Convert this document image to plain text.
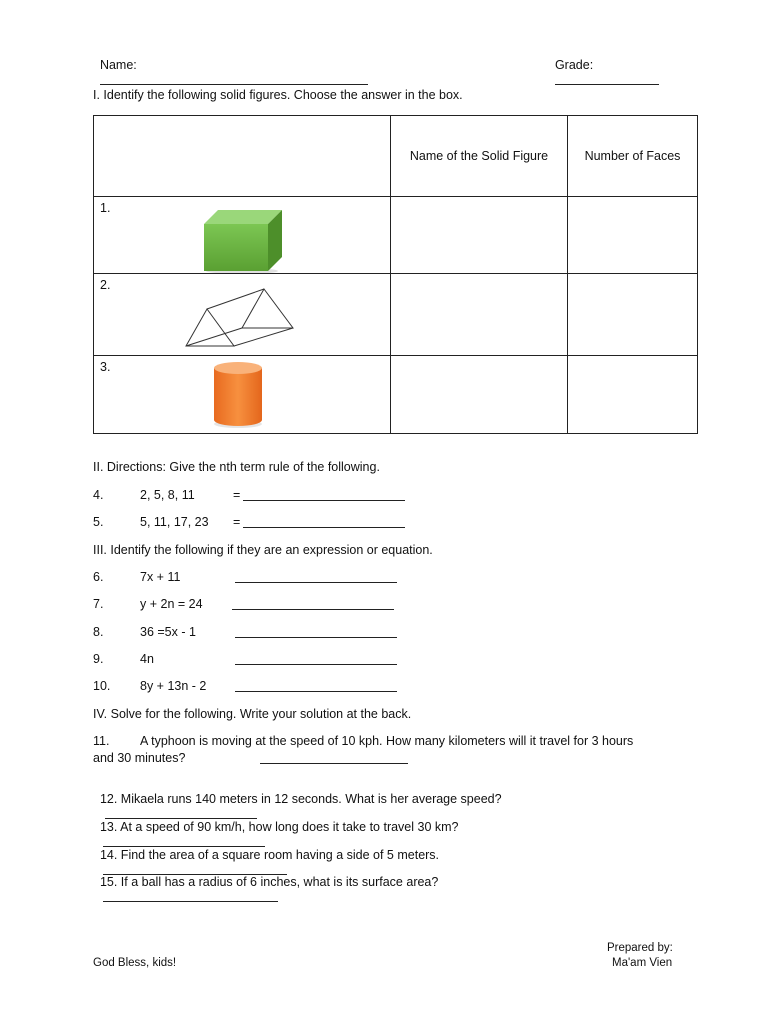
Name:
	Grade:

I. Identify the following solid figures. Choose the answer in the box.
	Name of the Solid Figure	Number of Faces

1.		

2.		

3.		

II. Directions: Give the nth term rule of the following.
4.	2, 5, 8, 11	=
5.	5, 11, 17, 23 =
III. Identify the following if they are an expression or equation.
6.	7x + 11
7.	y + 2n = 24
8.	36 =5x - 1
9.	4n
10. 8y + 13n - 2
IV. Solve for the following. Write your solution at the back.
11. A typhoon is moving at the speed of 10 kph. How many kilometers will it travel for 3 hours
and 30 minutes?

12. Mikaela runs 140 meters in 12 seconds. What is her average speed?

13. At a speed of 90 km/h, how long does it take to travel 30 km?

14. Find the area of a square room having a side of 5 meters.

15. If a ball has a radius of 6 inches, what is its surface area?

God Bless, kids!
Prepared by:
Ma'am Vien
